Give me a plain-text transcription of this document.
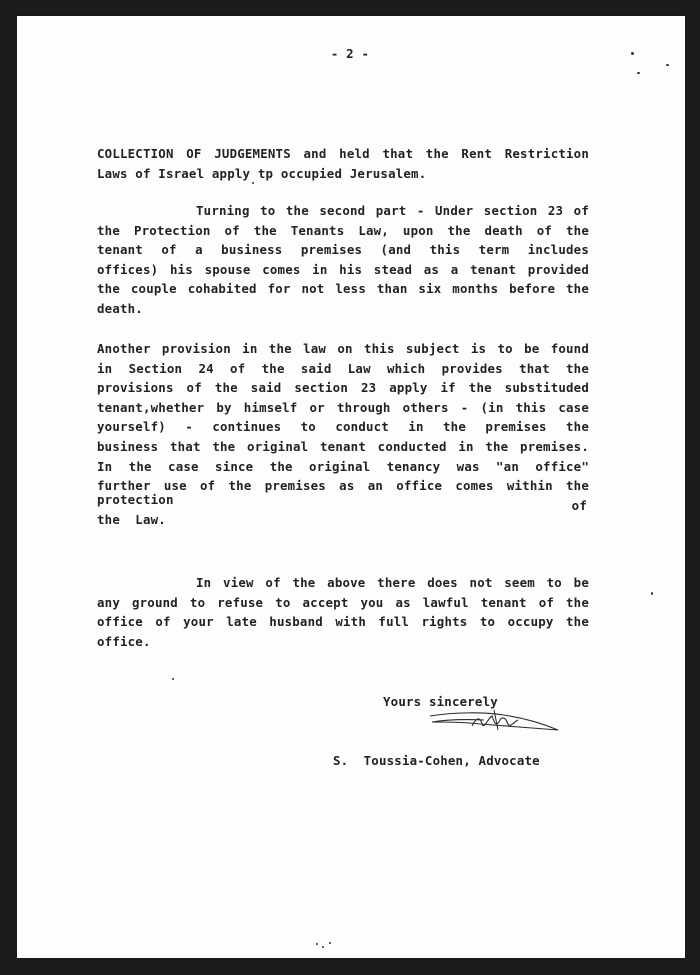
- 2 -
COLLECTION OF JUDGEMENTS and held that the Rent Restriction
Laws of Israel apply tp occupied Jerusalem.
Turning to the second part - Under section 23 of
the Protection of the Tenants Law, upon the death of the
tenant of a business premises (and this term includes
offices) his spouse comes in his stead as a tenant provided
the couple cohabited for not less than six months before the
death.
Another provision in the law on this subject is to be found
in Section 24 of the said Law which provides that the
provisions of the said section 23 apply if the substituded
tenant,whether by himself or through others - (in this case
yourself) - continues to conduct in the premises the
business that the original tenant conducted in the premises.
In the case since the original tenancy was "an office"
further use of the premises as an office comes within the
protection	of
the  Law.
In view of the above there does not seem to be
any ground to refuse to accept you as lawful tenant of the
office of your late husband with full rights to occupy the
office.
Yours sincerely
S.  Toussia-Cohen, Advocate
